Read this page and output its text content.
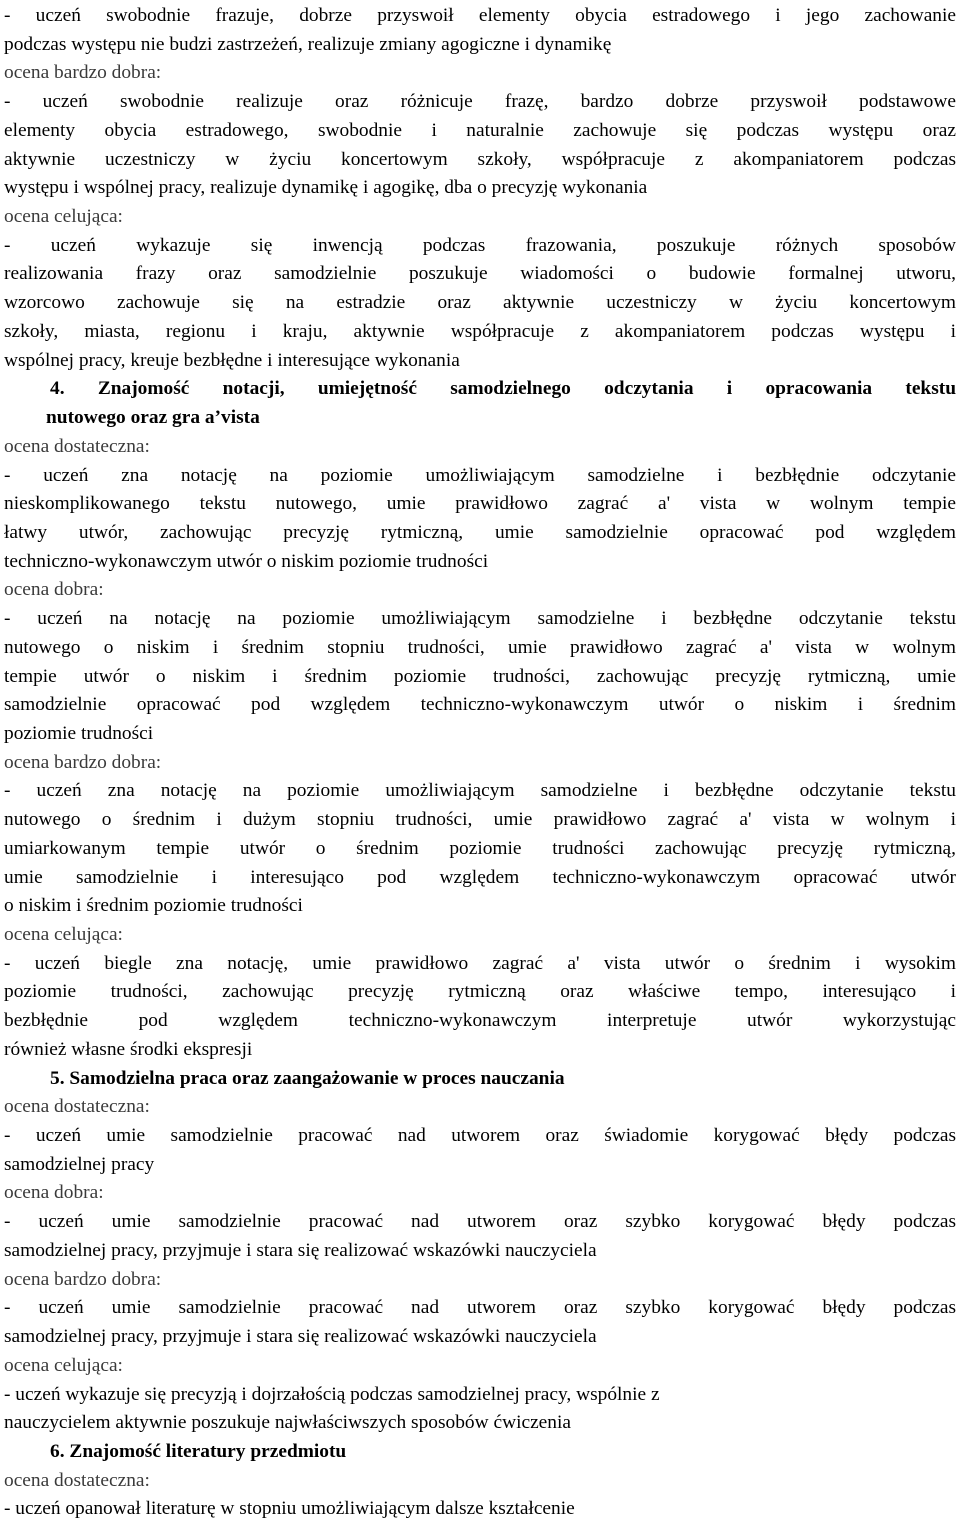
- uczeń swobodnie frazuje, dobrze przyswoił elementy obycia estradowego i jego zachowanie
podczas występu nie budzi zastrzeżeń, realizuje zmiany agogiczne i dynamikę
ocena bardzo dobra:
- uczeń swobodnie realizuje oraz różnicuje frazę, bardzo dobrze przyswoił podstawowe
elementy obycia estradowego, swobodnie i naturalnie zachowuje się podczas występu oraz
aktywnie uczestniczy w życiu koncertowym szkoły, współpracuje z akompaniatorem podczas
występu i wspólnej pracy, realizuje dynamikę i agogikę, dba o precyzję wykonania
ocena celująca:
- uczeń wykazuje się inwencją podczas frazowania, poszukuje różnych sposobów
realizowania frazy oraz samodzielnie poszukuje wiadomości o budowie formalnej utworu,
wzorcowo zachowuje się na estradzie oraz aktywnie uczestniczy w życiu koncertowym
szkoły, miasta, regionu i kraju, aktywnie współpracuje z akompaniatorem podczas występu i
wspólnej pracy, kreuje bezbłędne i interesujące wykonania
4. Znajomość notacji, umiejętność samodzielnego odczytania i opracowania tekstu
nutowego oraz gra a’vista
ocena dostateczna:
- uczeń zna notację na poziomie umożliwiającym samodzielne i bezbłędnie odczytanie
nieskomplikowanego tekstu nutowego, umie prawidłowo zagrać a' vista w wolnym tempie
łatwy utwór, zachowując precyzję rytmiczną, umie samodzielnie opracować pod względem
techniczno-wykonawczym utwór o niskim poziomie trudności
ocena dobra:
- uczeń na notację na poziomie umożliwiającym samodzielne i bezbłędne odczytanie tekstu
nutowego o niskim i średnim stopniu trudności, umie prawidłowo zagrać a' vista w wolnym
tempie utwór o niskim i średnim poziomie trudności, zachowując precyzję rytmiczną, umie
samodzielnie opracować pod względem techniczno-wykonawczym utwór o niskim i średnim
poziomie trudności
ocena bardzo dobra:
- uczeń zna notację na poziomie umożliwiającym samodzielne i bezbłędne odczytanie tekstu
nutowego o średnim i dużym stopniu trudności, umie prawidłowo zagrać a' vista w wolnym i
umiarkowanym tempie utwór o średnim poziomie trudności zachowując precyzję rytmiczną,
umie samodzielnie i interesująco pod względem techniczno-wykonawczym opracować utwór
o niskim i średnim poziomie trudności
ocena celująca:
- uczeń biegle zna notację, umie prawidłowo zagrać a' vista utwór o średnim i wysokim
poziomie trudności, zachowując precyzję rytmiczną oraz właściwe tempo, interesująco i
bezbłędnie pod względem techniczno-wykonawczym interpretuje utwór wykorzystując
również własne środki ekspresji
5. Samodzielna praca oraz zaangażowanie w proces nauczania
ocena dostateczna:
- uczeń umie samodzielnie pracować nad utworem oraz świadomie korygować błędy podczas
samodzielnej pracy
ocena dobra:
- uczeń umie samodzielnie pracować nad utworem oraz szybko korygować błędy podczas
samodzielnej pracy, przyjmuje i stara się realizować wskazówki nauczyciela
ocena bardzo dobra:
- uczeń umie samodzielnie pracować nad utworem oraz szybko korygować błędy podczas
samodzielnej pracy, przyjmuje i stara się realizować wskazówki nauczyciela
ocena celująca:
- uczeń wykazuje się precyzją i dojrzałością podczas samodzielnej pracy, wspólnie z
nauczycielem aktywnie poszukuje najwłaściwszych sposobów ćwiczenia
6. Znajomość literatury przedmiotu
ocena dostateczna:
- uczeń opanował literaturę w stopniu umożliwiającym dalsze kształcenie
